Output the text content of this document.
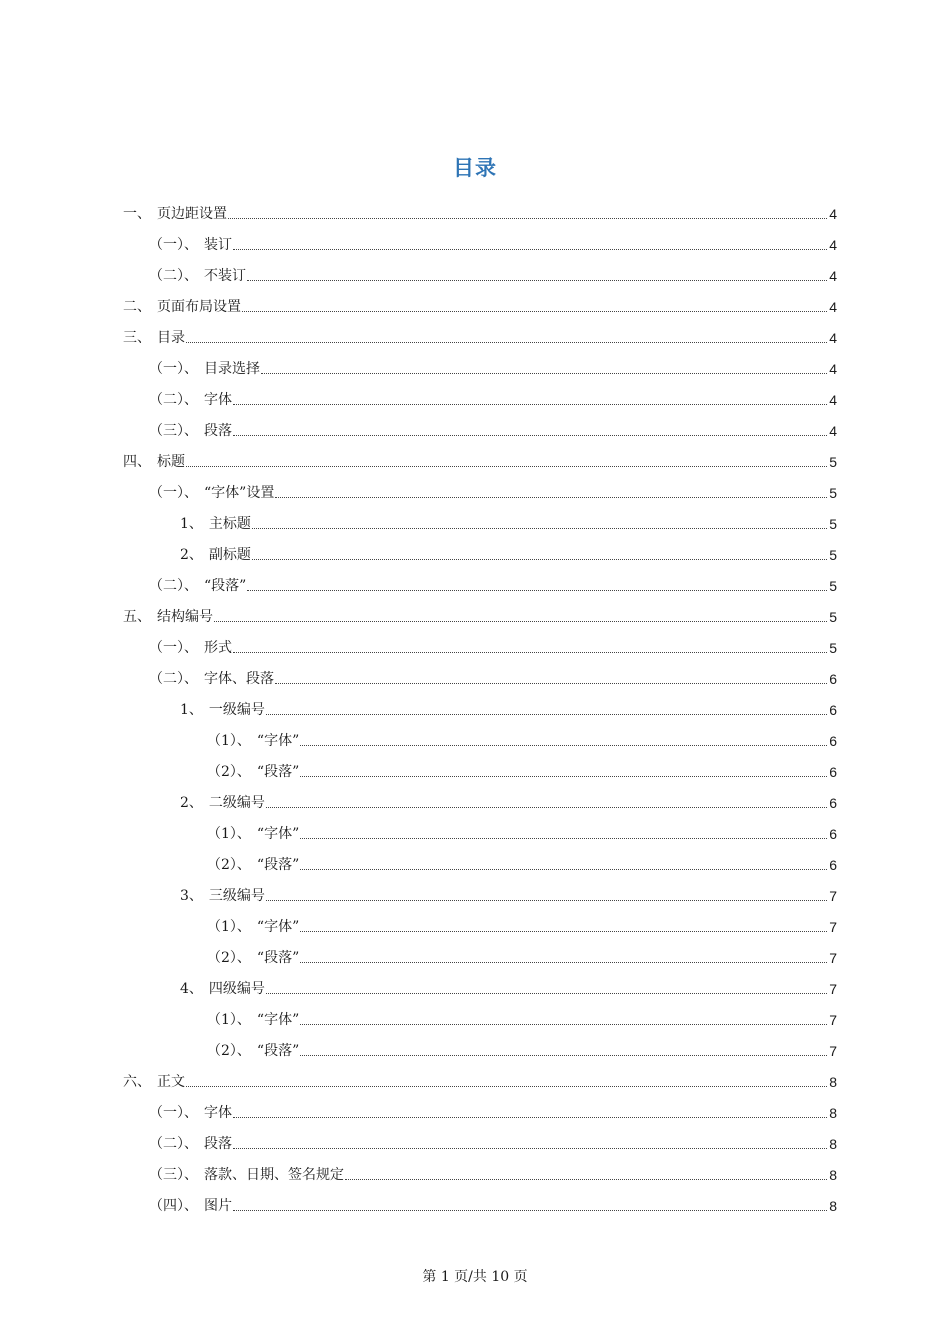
目录
一、 页边距设置	4
（一）、 装订	4
（二）、 不装订	4
二、 页面布局设置	4
三、 目录	4
（一）、 目录选择	4
（二）、 字体	4
（三）、 段落	4
四、 标题	5
（一）、 “字体”设置	5
1、 主标题	5
2、 副标题	5
（二）、 “段落”	5
五、 结构编号	5
（一）、 形式	5
（二）、 字体、段落	6
1、 一级编号	6
（1）、 “字体”	6
（2）、 “段落”	6
2、 二级编号	6
（1）、 “字体”	6
（2）、 “段落”	6
3、 三级编号	7
（1）、 “字体”	7
（2）、 “段落”	7
4、 四级编号	7
（1）、 “字体”	7
（2）、 “段落”	7
六、 正文	8
（一）、 字体	8
（二）、 段落	8
（三）、 落款、日期、签名规定	8
（四）、 图片	8
第 1 页/共 10 页
